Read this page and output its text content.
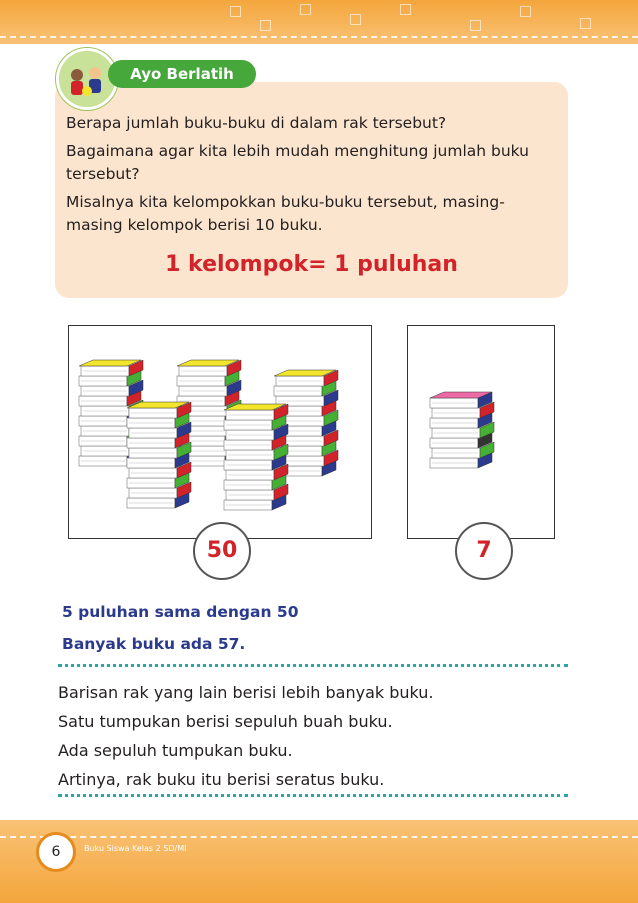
Ayo Berlatih

Berapa jumlah buku-buku di dalam rak tersebut?

Bagaimana agar kita lebih mudah menghitung jumlah buku tersebut?

Misalnya kita kelompokkan buku-buku tersebut, masing-masing kelompok berisi 10 buku.

1 kelompok= 1 puluhan
50	7
5 puluhan sama dengan 50
Banyak buku ada 57.
Barisan rak yang lain berisi lebih banyak buku.
Satu tumpukan berisi sepuluh buah buku.
Ada sepuluh tumpukan buku.
Artinya, rak buku itu berisi seratus buku.
6	Buku Siswa Kelas 2 SD/MI
